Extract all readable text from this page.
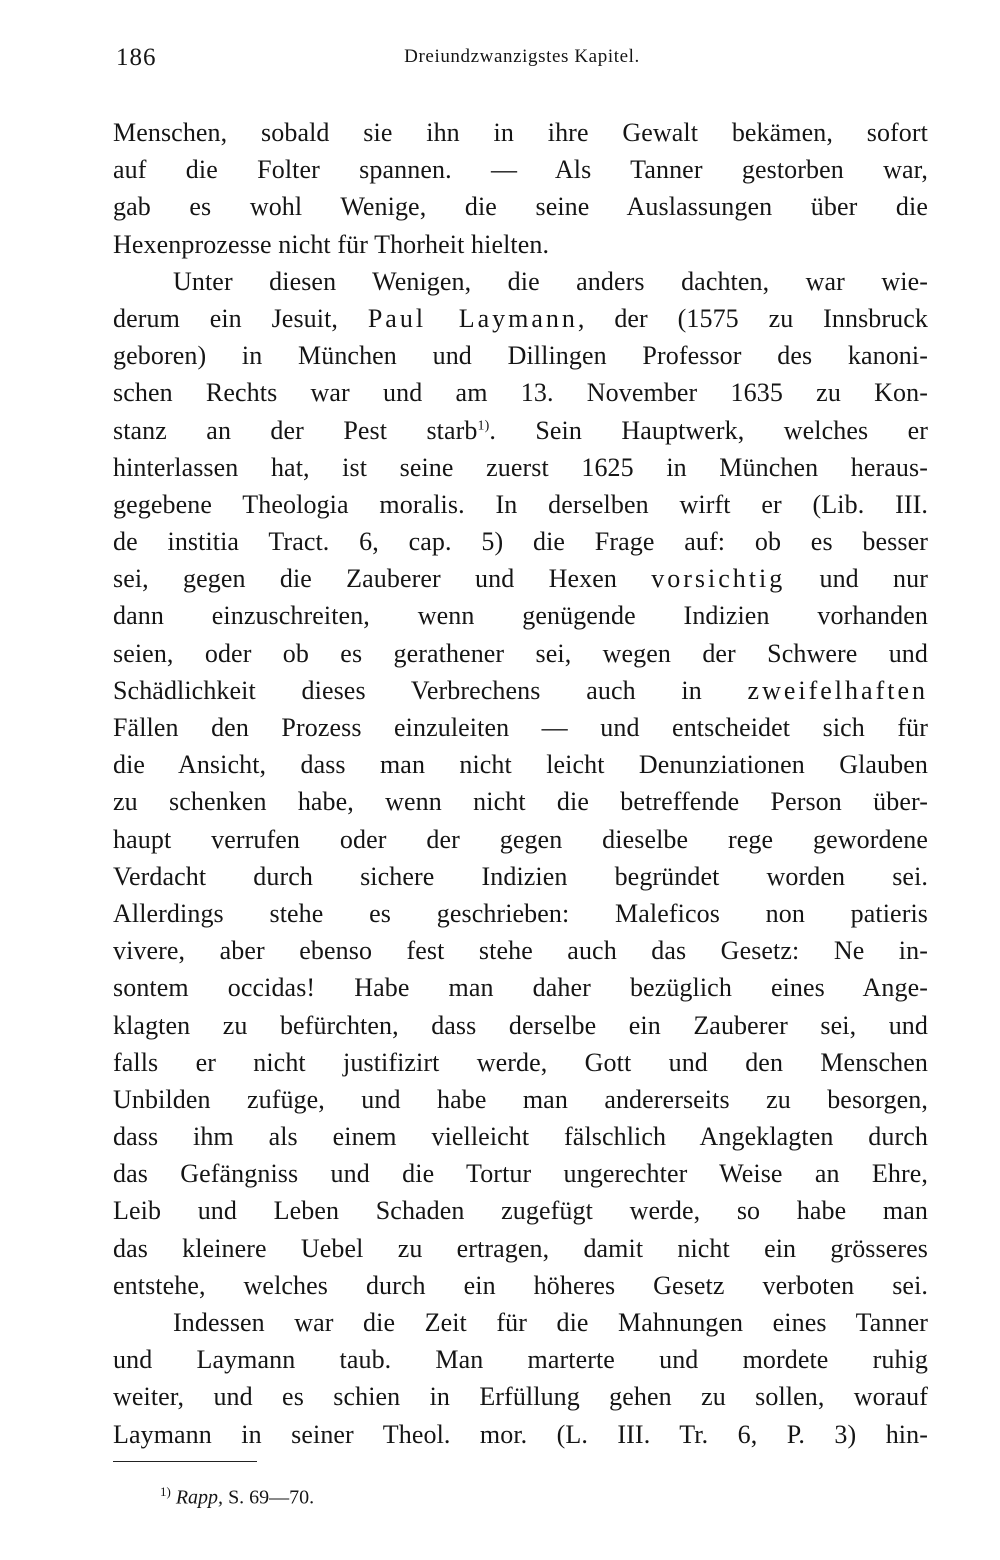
186	Dreiundzwanzigstes Kapitel.
Menschen, sobald sie ihn in ihre Gewalt bekämen, sofort
auf die Folter spannen. — Als Tanner gestorben war,
gab es wohl Wenige, die seine Auslassungen über die
Hexenprozesse nicht für Thorheit hielten.
Unter diesen Wenigen, die anders dachten, war wie-
derum ein Jesuit, Paul Laymann, der (1575 zu Innsbruck
geboren) in München und Dillingen Professor des kanoni-
schen Rechts war und am 13. November 1635 zu Kon-
stanz an der Pest starb$^{1)}$. Sein Hauptwerk, welches er
hinterlassen hat, ist seine zuerst 1625 in München heraus-
gegebene Theologia moralis. In derselben wirft er (Lib. III.
de institia Tract. 6, cap. 5) die Frage auf: ob es besser
sei, gegen die Zauberer und Hexen vorsichtig und nur
dann einzuschreiten, wenn genügende Indizien vorhanden
seien, oder ob es gerathener sei, wegen der Schwere und
Schädlichkeit dieses Verbrechens auch in zweifelhaften
Fällen den Prozess einzuleiten — und entscheidet sich für
die Ansicht, dass man nicht leicht Denunziationen Glauben
zu schenken habe, wenn nicht die betreffende Person über-
haupt verrufen oder der gegen dieselbe rege gewordene
Verdacht durch sichere Indizien begründet worden sei.
Allerdings stehe es geschrieben: Maleficos non patieris
vivere, aber ebenso fest stehe auch das Gesetz: Ne in-
sontem occidas! Habe man daher bezüglich eines Ange-
klagten zu befürchten, dass derselbe ein Zauberer sei, und
falls er nicht justifizirt werde, Gott und den Menschen
Unbilden zufüge, und habe man andererseits zu besorgen,
dass ihm als einem vielleicht fälschlich Angeklagten durch
das Gefängniss und die Tortur ungerechter Weise an Ehre,
Leib und Leben Schaden zugefügt werde, so habe man
das kleinere Uebel zu ertragen, damit nicht ein grösseres
entstehe, welches durch ein höheres Gesetz verboten sei.
Indessen war die Zeit für die Mahnungen eines Tanner
und Laymann taub. Man marterte und mordete ruhig
weiter, und es schien in Erfüllung gehen zu sollen, worauf
Laymann in seiner Theol. mor. (L. III. Tr. 6, P. 3) hin-
$^{1)}$ Rapp, S. 69—70.
